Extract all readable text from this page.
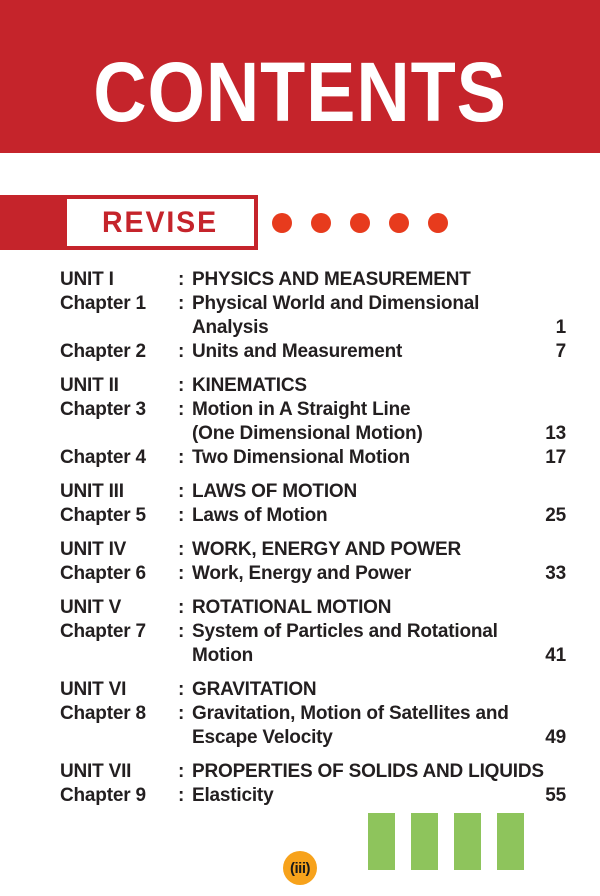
CONTENTS
REVISE
UNIT I	: PHYSICS AND MEASUREMENT
Chapter 1	: Physical World and Dimensional
Analysis	1
Chapter 2	: Units and Measurement	7
UNIT II	: KINEMATICS
Chapter 3	: Motion in A Straight Line
(One Dimensional Motion)	13
Chapter 4	: Two Dimensional Motion	17
UNIT III	: LAWS OF MOTION
Chapter 5	: Laws of Motion	25
UNIT IV	: WORK, ENERGY AND POWER
Chapter 6	: Work, Energy and Power	33
UNIT V	: ROTATIONAL MOTION
Chapter 7	: System of Particles and Rotational
Motion	41
UNIT VI	: GRAVITATION
Chapter 8	: Gravitation, Motion of Satellites and
Escape Velocity	49
UNIT VII	: PROPERTIES OF SOLIDS AND LIQUIDS
Chapter 9	: Elasticity	55
(iii)
